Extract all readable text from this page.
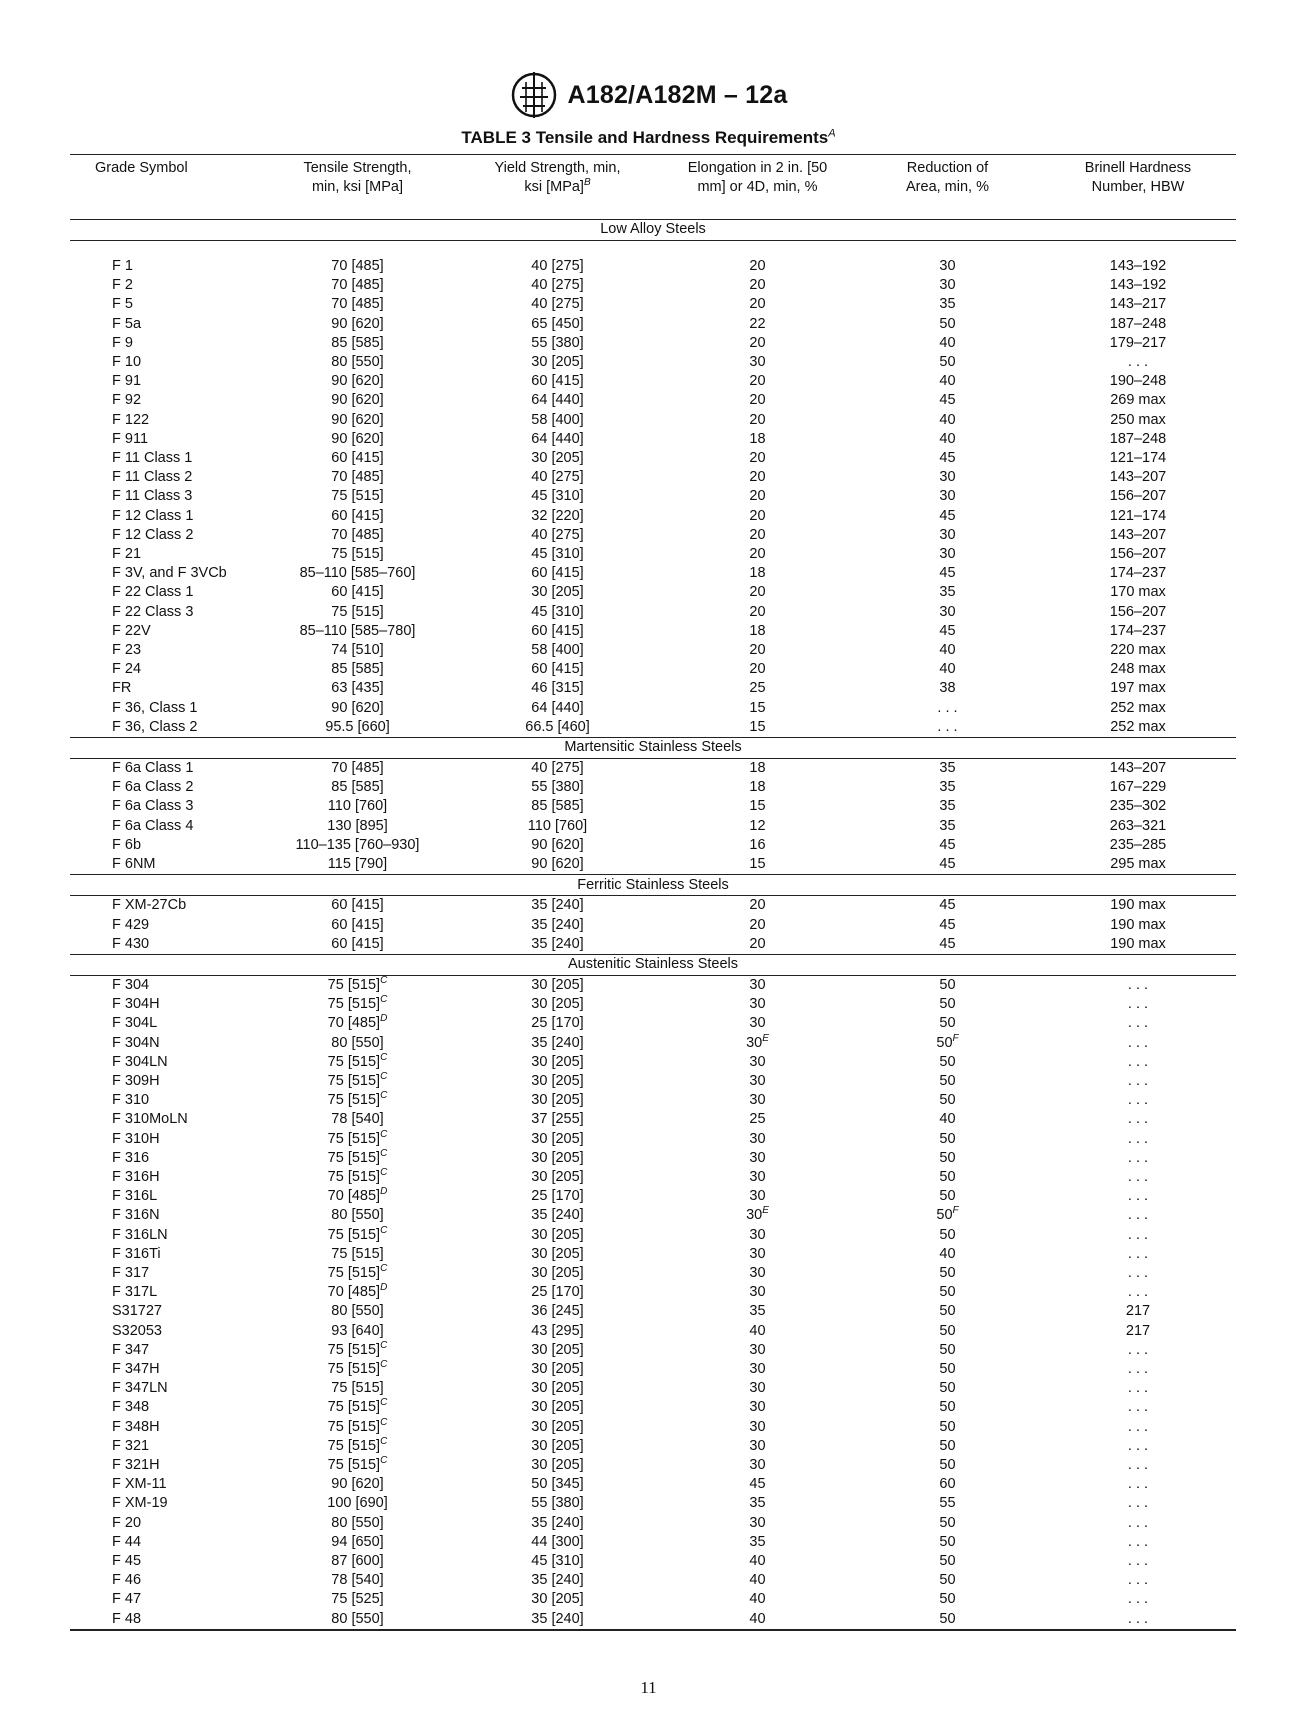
A182/A182M – 12a
TABLE 3 Tensile and Hardness Requirements$^A$
Grade Symbol	Tensile Strength, min, ksi [MPa]	Yield Strength, min, ksi [MPa]$^B$	Elongation in 2 in. [50 mm] or 4D, min, %	Reduction of Area, min, %	Brinell Hardness Number, HBW

Low Alloy Steels					

F 1	70 [485]	40 [275]	20	30	143–192
F 2	70 [485]	40 [275]	20	30	143–192
F 5	70 [485]	40 [275]	20	35	143–217
F 5a	90 [620]	65 [450]	22	50	187–248
F 9	85 [585]	55 [380]	20	40	179–217
F 10	80 [550]	30 [205]	30	50	. . .
F 91	90 [620]	60 [415]	20	40	190–248
F 92	90 [620]	64 [440]	20	45	269 max
F 122	90 [620]	58 [400]	20	40	250 max
F 911	90 [620]	64 [440]	18	40	187–248
F 11 Class 1	60 [415]	30 [205]	20	45	121–174
F 11 Class 2	70 [485]	40 [275]	20	30	143–207
F 11 Class 3	75 [515]	45 [310]	20	30	156–207
F 12 Class 1	60 [415]	32 [220]	20	45	121–174
F 12 Class 2	70 [485]	40 [275]	20	30	143–207
F 21	75 [515]	45 [310]	20	30	156–207
F 3V, and F 3VCb	85–110 [585–760]	60 [415]	18	45	174–237
F 22 Class 1	60 [415]	30 [205]	20	35	170 max
F 22 Class 3	75 [515]	45 [310]	20	30	156–207
F 22V	85–110 [585–780]	60 [415]	18	45	174–237
F 23	74 [510]	58 [400]	20	40	220 max
F 24	85 [585]	60 [415]	20	40	248 max
FR	63 [435]	46 [315]	25	38	197 max
F 36, Class 1	90 [620]	64 [440]	15	. . .	252 max
F 36, Class 2	95.5 [660]	66.5 [460]	15	. . .	252 max
Martensitic Stainless Steels					
F 6a Class 1	70 [485]	40 [275]	18	35	143–207
F 6a Class 2	85 [585]	55 [380]	18	35	167–229
F 6a Class 3	110 [760]	85 [585]	15	35	235–302
F 6a Class 4	130 [895]	110 [760]	12	35	263–321
F 6b	110–135 [760–930]	90 [620]	16	45	235–285
F 6NM	115 [790]	90 [620]	15	45	295 max
Ferritic Stainless Steels					
F XM-27Cb	60 [415]	35 [240]	20	45	190 max
F 429	60 [415]	35 [240]	20	45	190 max
F 430	60 [415]	35 [240]	20	45	190 max
Austenitic Stainless Steels					
F 304	75 $[515]^C$	30 [205]	30	50	. . .
F 304H	75 $[515]^C$	30 [205]	30	50	. . .
F 304L	70 $[485]^D$	25 [170]	30	50	. . .
F 304N	80 [550]	35 [240]	$30^E$	$50^F$	. . .
F 304LN	75 $[515]^C$	30 [205]	30	50	. . .
F 309H	75 $[515]^C$	30 [205]	30	50	. . .
F 310	75 $[515]^C$	30 [205]	30	50	. . .
F 310MoLN	78 [540]	37 [255]	25	40	. . .
F 310H	75 $[515]^C$	30 [205]	30	50	. . .
F 316	75 $[515]^C$	30 [205]	30	50	. . .
F 316H	75 $[515]^C$	30 [205]	30	50	. . .
F 316L	70 $[485]^D$	25 [170]	30	50	. . .
F 316N	80 [550]	35 [240]	$30^E$	$50^F$	. . .
F 316LN	75 $[515]^C$	30 [205]	30	50	. . .
F 316Ti	75 [515]	30 [205]	30	40	. . .
F 317	75 $[515]^C$	30 [205]	30	50	. . .
F 317L	70 $[485]^D$	25 [170]	30	50	. . .
S31727	80 [550]	36 [245]	35	50	217
S32053	93 [640]	43 [295]	40	50	217
F 347	75 $[515]^C$	30 [205]	30	50	. . .
F 347H	75 $[515]^C$	30 [205]	30	50	. . .
F 347LN	75 [515]	30 [205]	30	50	. . .
F 348	75 $[515]^C$	30 [205]	30	50	. . .
F 348H	75 $[515]^C$	30 [205]	30	50	. . .
F 321	75 $[515]^C$	30 [205]	30	50	. . .
F 321H	75 $[515]^C$	30 [205]	30	50	. . .
F XM-11	90 [620]	50 [345]	45	60	. . .
F XM-19	100 [690]	55 [380]	35	55	. . .
F 20	80 [550]	35 [240]	30	50	. . .
F 44	94 [650]	44 [300]	35	50	. . .
F 45	87 [600]	45 [310]	40	50	. . .
F 46	78 [540]	35 [240]	40	50	. . .
F 47	75 [525]	30 [205]	40	50	. . .
F 48	80 [550]	35 [240]	40	50	. . .
11
